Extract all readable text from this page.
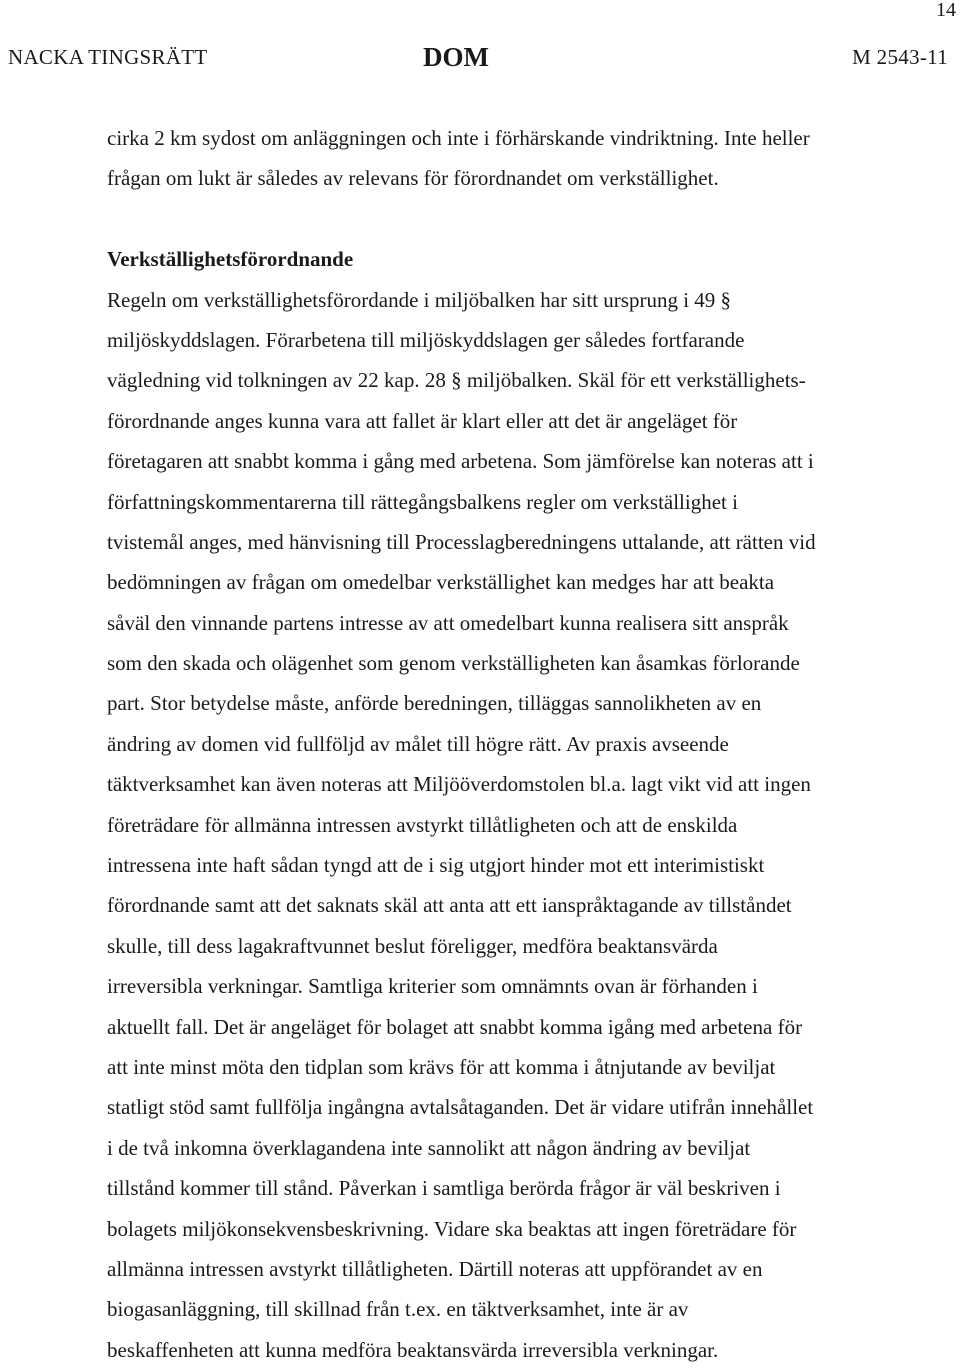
14
NACKA TINGSRÄTT	DOM	M 2543-11
cirka 2 km sydost om anläggningen och inte i förhärskande vindriktning. Inte heller
frågan om lukt är således av relevans för förordnandet om verkställighet.
Verkställighetsförordnande
Regeln om verkställighetsförordande i miljöbalken har sitt ursprung i 49 §
miljöskyddslagen. Förarbetena till miljöskyddslagen ger således fortfarande
vägledning vid tolkningen av 22 kap. 28 § miljöbalken. Skäl för ett verkställighets-
förordnande anges kunna vara att fallet är klart eller att det är angeläget för
företagaren att snabbt komma i gång med arbetena. Som jämförelse kan noteras att i
författningskommentarerna till rättegångsbalkens regler om verkställighet i
tvistemål anges, med hänvisning till Processlagberedningens uttalande, att rätten vid
bedömningen av frågan om omedelbar verkställighet kan medges har att beakta
såväl den vinnande partens intresse av att omedelbart kunna realisera sitt anspråk
som den skada och olägenhet som genom verkställigheten kan åsamkas förlorande
part. Stor betydelse måste, anförde beredningen, tilläggas sannolikheten av en
ändring av domen vid fullföljd av målet till högre rätt. Av praxis avseende
täktverksamhet kan även noteras att Miljööverdomstolen bl.a. lagt vikt vid att ingen
företrädare för allmänna intressen avstyrkt tillåtligheten och att de enskilda
intressena inte haft sådan tyngd att de i sig utgjort hinder mot ett interimistiskt
förordnande samt att det saknats skäl att anta att ett ianspråktagande av tillståndet
skulle, till dess lagakraftvunnet beslut föreligger, medföra beaktansvärda
irreversibla verkningar. Samtliga kriterier som omnämnts ovan är förhanden i
aktuellt fall. Det är angeläget för bolaget att snabbt komma igång med arbetena för
att inte minst möta den tidplan som krävs för att komma i åtnjutande av beviljat
statligt stöd samt fullfölja ingångna avtalsåtaganden. Det är vidare utifrån innehållet
i de två inkomna överklagandena inte sannolikt att någon ändring av beviljat
tillstånd kommer till stånd. Påverkan i samtliga berörda frågor är väl beskriven i
bolagets miljökonsekvensbeskrivning. Vidare ska beaktas att ingen företrädare för
allmänna intressen avstyrkt tillåtligheten. Därtill noteras att uppförandet av en
biogasanläggning, till skillnad från t.ex. en täktverksamhet, inte är av
beskaffenheten att kunna medföra beaktansvärda irreversibla verkningar.
